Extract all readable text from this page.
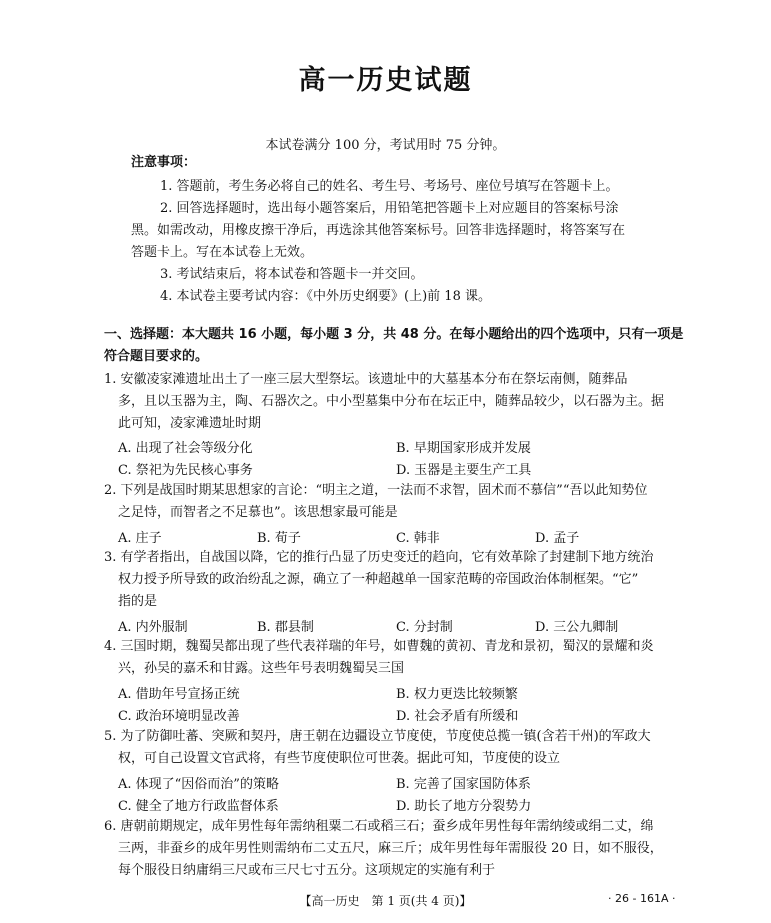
高一历史试题
本试卷满分 100 分，考试用时 75 分钟。
注意事项：
1. 答题前，考生务必将自己的姓名、考生号、考场号、座位号填写在答题卡上。
2. 回答选择题时，选出每小题答案后，用铅笔把答题卡上对应题目的答案标号涂
黑。如需改动，用橡皮擦干净后，再选涂其他答案标号。回答非选择题时，将答案写在
答题卡上。写在本试卷上无效。
3. 考试结束后，将本试卷和答题卡一并交回。
4. 本试卷主要考试内容：《中外历史纲要》(上)前 18 课。
一、选择题：本大题共 16 小题，每小题 3 分，共 48 分。在每小题给出的四个选项中，只有一项是
符合题目要求的。
1. 安徽凌家滩遗址出土了一座三层大型祭坛。该遗址中的大墓基本分布在祭坛南侧，随葬品
多，且以玉器为主，陶、石器次之。中小型墓集中分布在坛正中，随葬品较少，以石器为主。据
此可知，凌家滩遗址时期
A. 出现了社会等级分化	B. 早期国家形成并发展
C. 祭祀为先民核心事务	D. 玉器是主要生产工具
2. 下列是战国时期某思想家的言论：“明主之道，一法而不求智，固术而不慕信”“吾以此知势位
之足恃，而智者之不足慕也”。该思想家最可能是
A. 庄子	B. 荀子	C. 韩非	D. 孟子
3. 有学者指出，自战国以降，它的推行凸显了历史变迁的趋向，它有效革除了封建制下地方统治
权力授予所导致的政治纷乱之源，确立了一种超越单一国家范畴的帝国政治体制框架。“它”
指的是
A. 内外服制	B. 郡县制	C. 分封制	D. 三公九卿制
4. 三国时期，魏蜀吴都出现了些代表祥瑞的年号，如曹魏的黄初、青龙和景初，蜀汉的景耀和炎
兴，孙吴的嘉禾和甘露。这些年号表明魏蜀吴三国
A. 借助年号宣扬正统	B. 权力更迭比较频繁
C. 政治环境明显改善	D. 社会矛盾有所缓和
5. 为了防御吐蕃、突厥和契丹，唐王朝在边疆设立节度使，节度使总揽一镇(含若干州)的军政大
权，可自己设置文官武将，有些节度使职位可世袭。据此可知，节度使的设立
A. 体现了“因俗而治”的策略	B. 完善了国家国防体系
C. 健全了地方行政监督体系	D. 助长了地方分裂势力
6. 唐朝前期规定，成年男性每年需纳租粟二石或稻三石；蚕乡成年男性每年需纳绫或绢二丈，绵
三两，非蚕乡的成年男性则需纳布二丈五尺，麻三斤；成年男性每年需服役 20 日，如不服役，
每个服役日纳庸绢三尺或布三尺七寸五分。这项规定的实施有利于
【高一历史　第 1 页(共 4 页)】	· 26 - 161A ·
